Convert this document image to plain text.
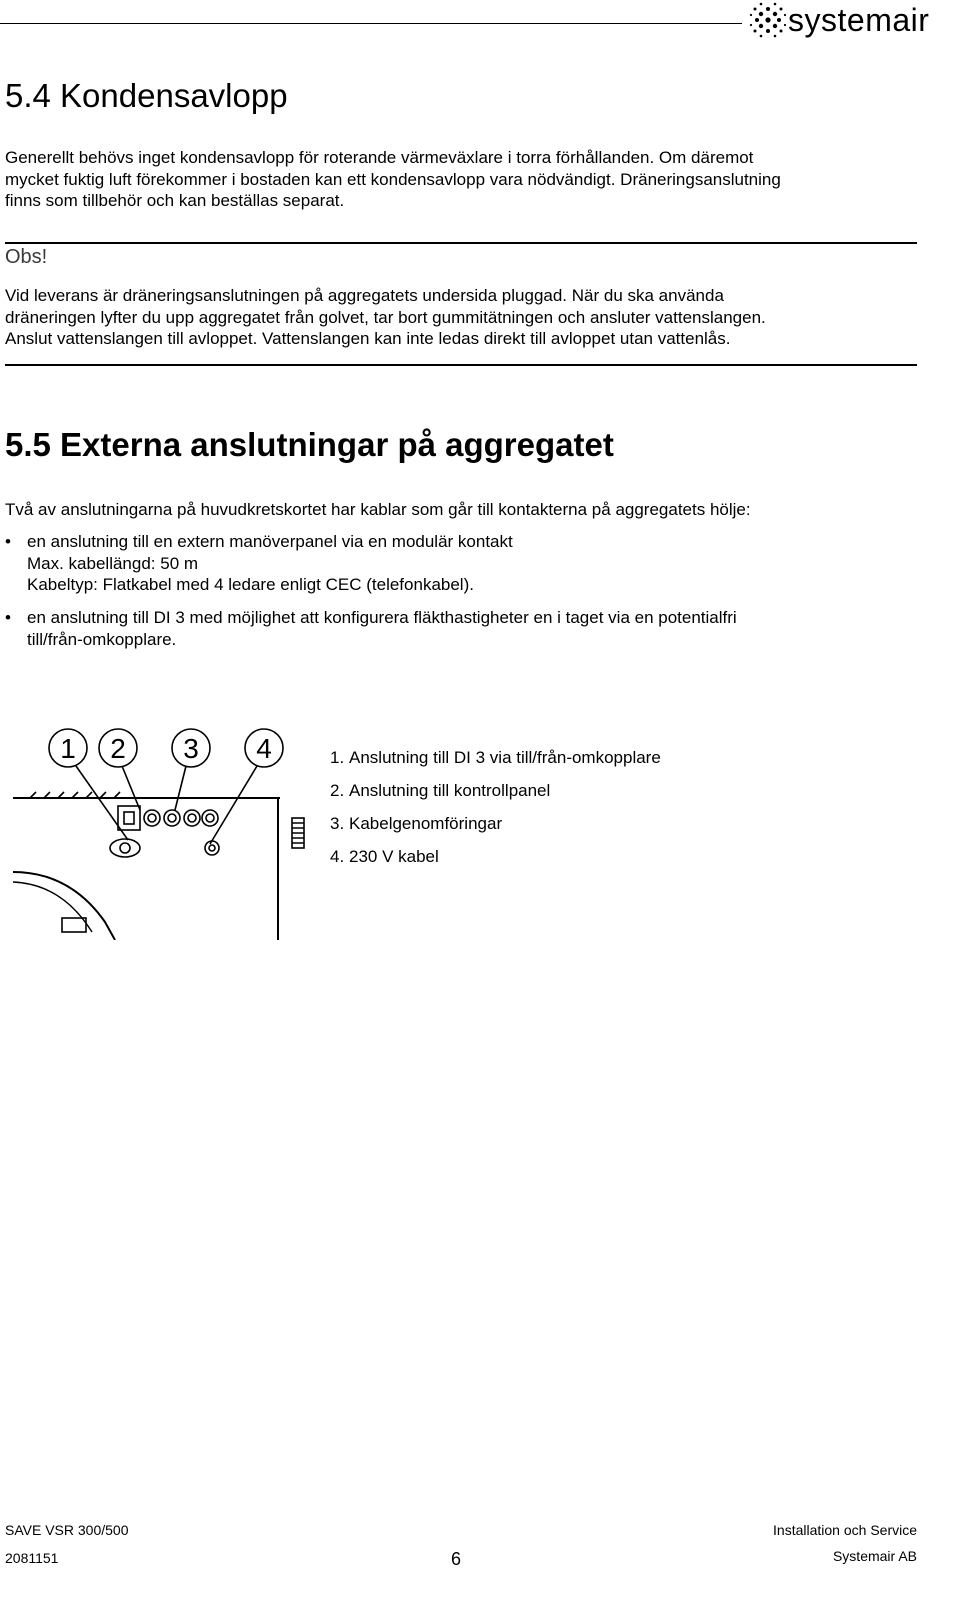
systemair
5.4 Kondensavlopp
Generellt behövs inget kondensavlopp för roterande värmeväxlare i torra förhållanden. Om däremot
mycket fuktig luft förekommer i bostaden kan ett kondensavlopp vara nödvändigt. Dräneringsanslutning
finns som tillbehör och kan beställas separat.
Obs!
Vid leverans är dräneringsanslutningen på aggregatets undersida pluggad. När du ska använda
dräneringen lyfter du upp aggregatet från golvet, tar bort gummitätningen och ansluter vattenslangen.
Anslut vattenslangen till avloppet. Vattenslangen kan inte ledas direkt till avloppet utan vattenlås.
5.5 Externa anslutningar på aggregatet
Två av anslutningarna på huvudkretskortet har kablar som går till kontakterna på aggregatets hölje:
• en anslutning till en extern manöverpanel via en modulär kontakt
Max. kabellängd: 50 m
Kabeltyp: Flatkabel med 4 ledare enligt CEC (telefonkabel).
• en anslutning till DI 3 med möjlighet att konfigurera fläkthastigheter en i taget via en potentialfri
till/från-omkopplare.
1 2 3 4	1. Anslutning till DI 3 via till/från-omkopplare
2. Anslutning till kontrollpanel
3. Kabelgenomföringar
4. 230 V kabel
SAVE VSR 300/500
2081151	6
Installation och Service
Systemair AB
